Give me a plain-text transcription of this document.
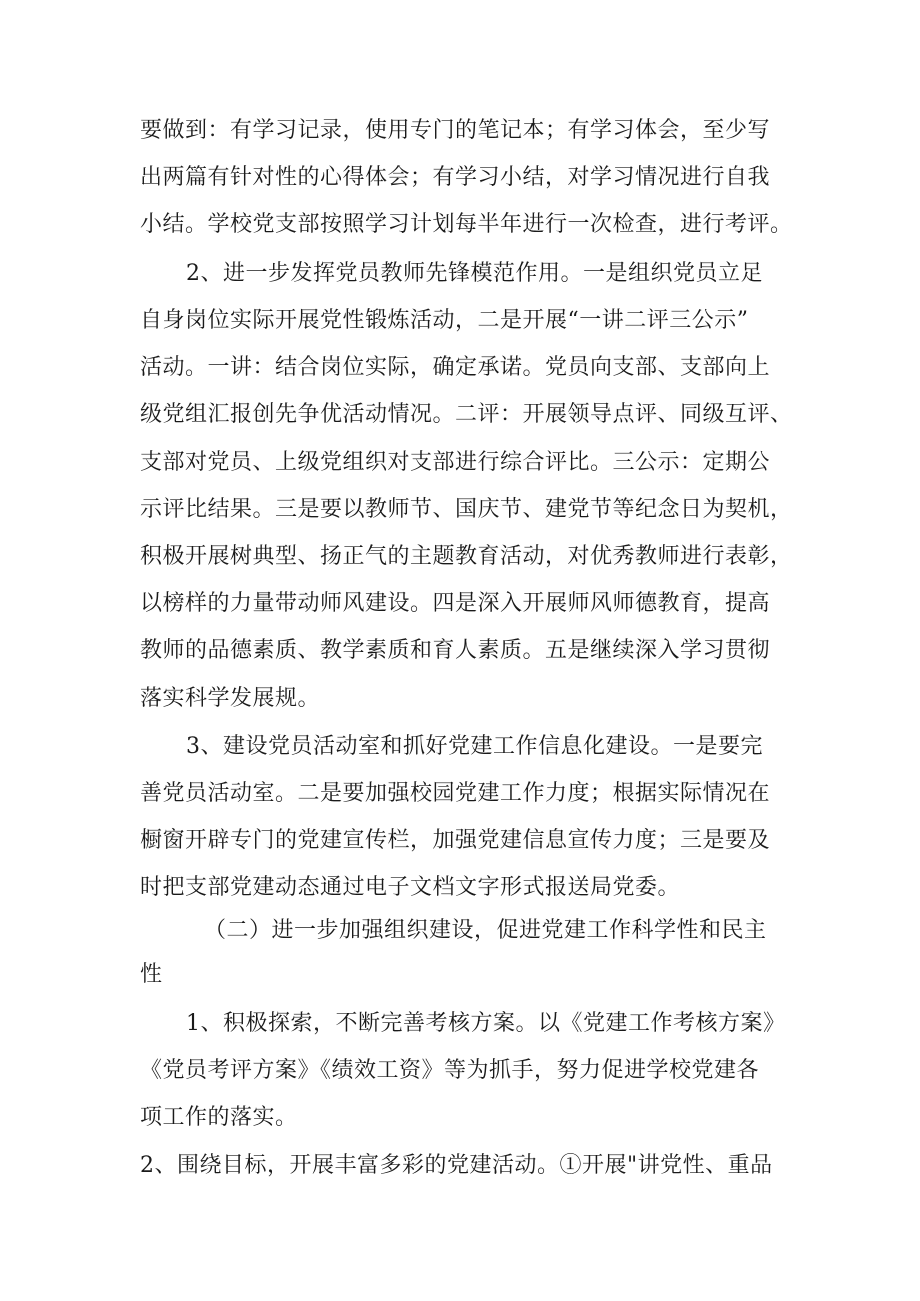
要做到：有学习记录，使用专门的笔记本；有学习体会，至少写
出两篇有针对性的心得体会；有学习小结，对学习情况进行自我
小结。学校党支部按照学习计划每半年进行一次检查，进行考评。
2、进一步发挥党员教师先锋模范作用。一是组织党员立足
自身岗位实际开展党性锻炼活动，二是开展“一讲二评三公示”
活动。一讲：结合岗位实际，确定承诺。党员向支部、支部向上
级党组汇报创先争优活动情况。二评：开展领导点评、同级互评、
支部对党员、上级党组织对支部进行综合评比。三公示：定期公
示评比结果。三是要以教师节、国庆节、建党节等纪念日为契机，
积极开展树典型、扬正气的主题教育活动，对优秀教师进行表彰，
以榜样的力量带动师风建设。四是深入开展师风师德教育，提高
教师的品德素质、教学素质和育人素质。五是继续深入学习贯彻
落实科学发展规。
3、建设党员活动室和抓好党建工作信息化建设。一是要完
善党员活动室。二是要加强校园党建工作力度；根据实际情况在
橱窗开辟专门的党建宣传栏，加强党建信息宣传力度；三是要及
时把支部党建动态通过电子文档文字形式报送局党委。
（二）进一步加强组织建设，促进党建工作科学性和民主
性
1、积极探索，不断完善考核方案。以《党建工作考核方案》
《党员考评方案》《绩效工资》等为抓手，努力促进学校党建各
项工作的落实。
2、围绕目标，开展丰富多彩的党建活动。①开展"讲党性、重品
